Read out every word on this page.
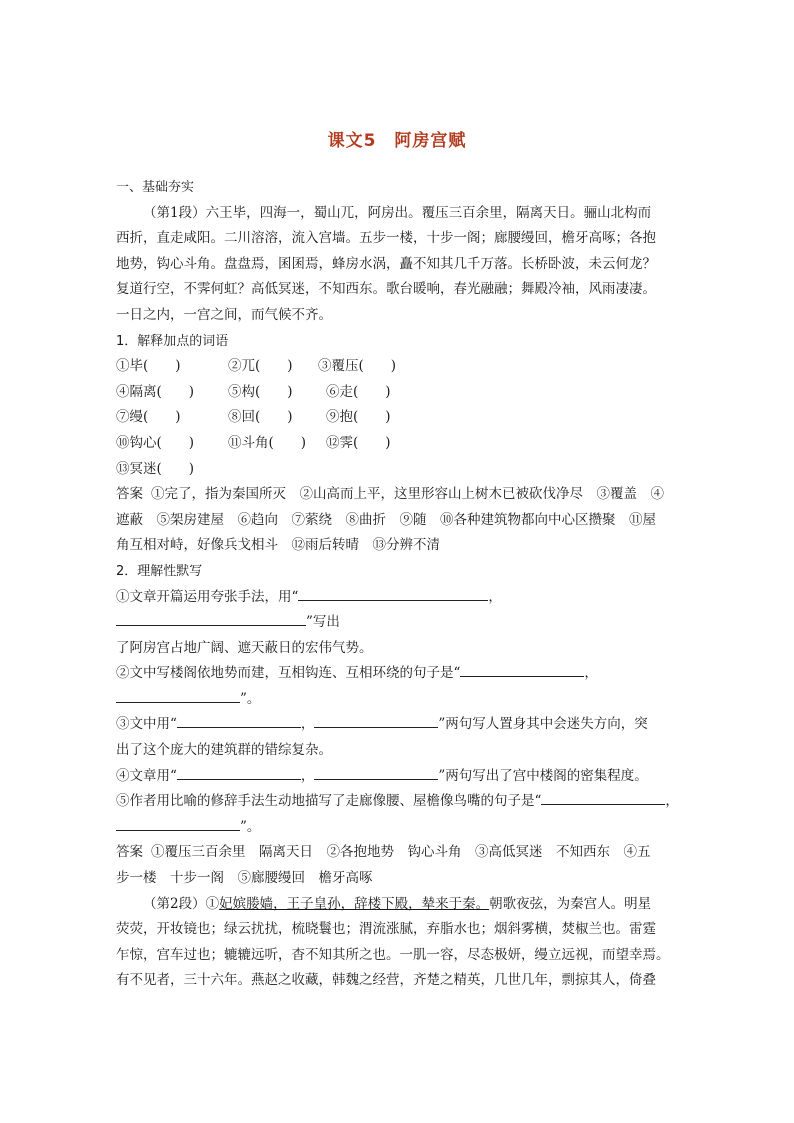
课文5　阿房宫赋

一、基础夯实

（第1段）六王毕，四海一，蜀山兀，阿房出。覆压三百余里，隔离天日。骊山北构而

西折，直走咸阳。二川溶溶，流入宫墙。五步一楼，十步一阁；廊腰缦回，檐牙高啄；各抱

地势，钩心斗角。盘盘焉，囷囷焉，蜂房水涡，矗不知其几千万落。长桥卧波，未云何龙？

复道行空，不霁何虹？高低冥迷，不知西东。歌台暖响，春光融融；舞殿冷袖，风雨凄凄。

一日之内，一宫之间，而气候不齐。

1．解释加点的词语

①毕(　　)	②兀(　　) ③覆压(　　)

④隔离(　　)	⑤构(　　) ⑥走(　　)

⑦缦(　　)	⑧回(　　) ⑨抱(　　)

⑩钩心(　　)	⑪斗角(　　) ⑫霁(　　)

⑬冥迷(　　)

答案 ①完了，指为秦国所灭　②山高而上平，这里形容山上树木已被砍伐净尽　③覆盖　④

遮蔽　⑤架房建屋　⑥趋向　⑦萦绕　⑧曲折　⑨随　⑩各种建筑物都向中心区攒聚　⑪屋

角互相对峙，好像兵戈相斗　⑫雨后转晴　⑬分辨不清

2．理解性默写

①文章开篇运用夸张手法，用“	，”写出

了阿房宫占地广阔、遮天蔽日的宏伟气势。

②文中写楼阁依地势而建，互相钩连、互相环绕的句子是“	，

”。

③文中用“	，	”两句写人置身其中会迷失方向，突

出了这个庞大的建筑群的错综复杂。

④文章用“	，	”两句写出了宫中楼阁的密集程度。

⑤作者用比喻的修辞手法生动地描写了走廊像腰、屋檐像鸟嘴的句子是“	，

”。

答案 ①覆压三百余里　隔离天日　②各抱地势　钩心斗角　③高低冥迷　不知西东　④五

步一楼　十步一阁　⑤廊腰缦回　檐牙高啄

（第2段）①妃嫔媵嫱，王子皇孙，辞楼下殿，辇来于秦。朝歌夜弦，为秦宫人。明星

荧荧，开妆镜也；绿云扰扰，梳晓鬟也；渭流涨腻，弃脂水也；烟斜雾横，焚椒兰也。雷霆

乍惊，宫车过也；辘辘远听，杳不知其所之也。一肌一容，尽态极妍，缦立远视，而望幸焉。

有不见者，三十六年。燕赵之收藏，韩魏之经营，齐楚之精英，几世几年，剽掠其人，倚叠
